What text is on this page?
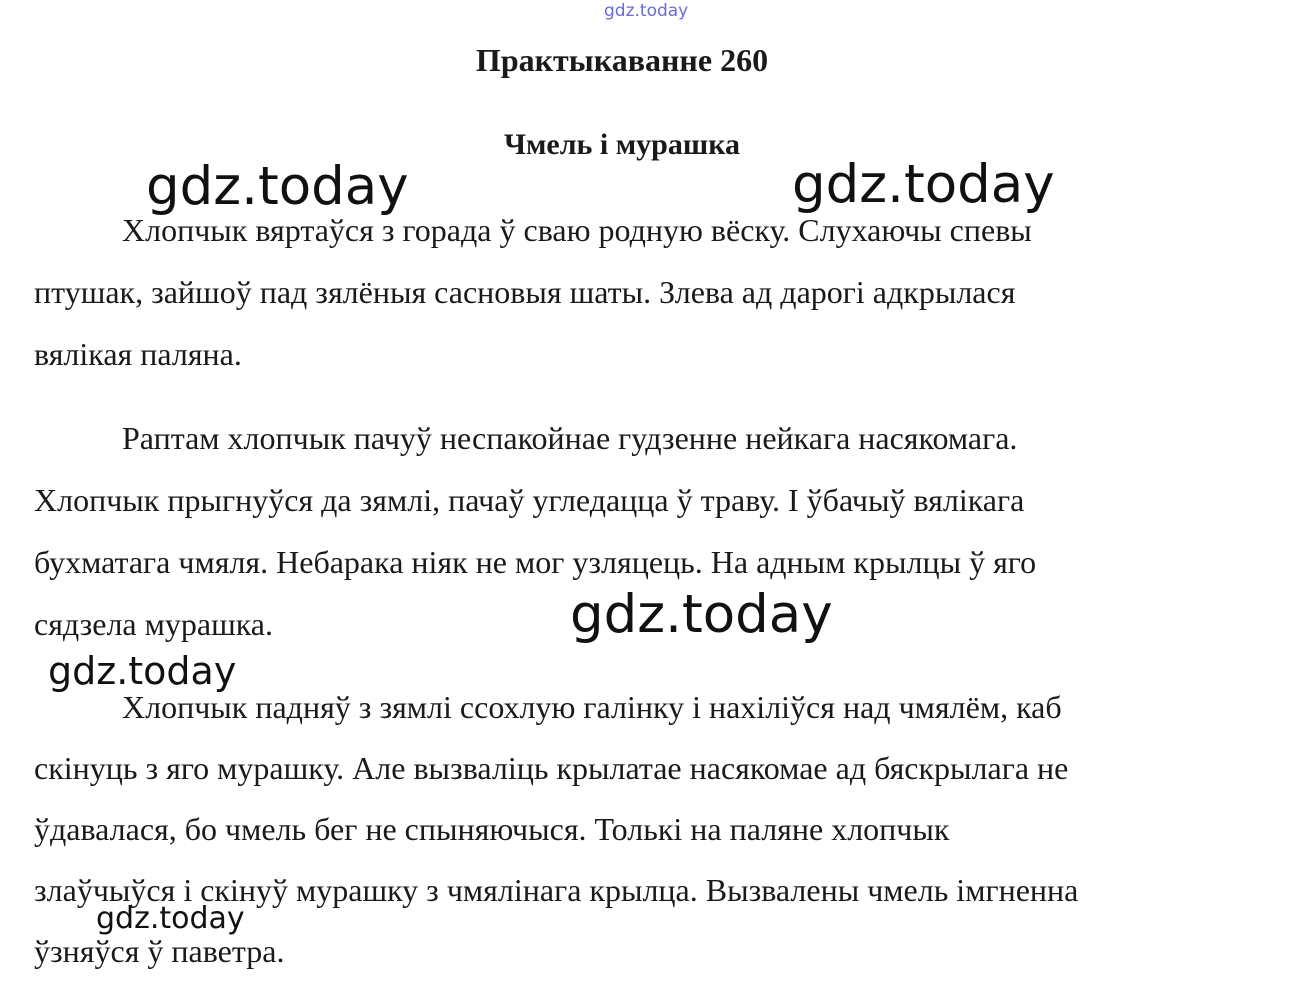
gdz.today
Практыкаванне 260
Чмель і мурашка
Хлопчык вяртаўся з горада ў сваю родную вёску. Слухаючы спевы
птушак, зайшоў пад зялёныя сасновыя шаты. Злева ад дарогі адкрылася
вялікая паляна.
Раптам хлопчык пачуў неспакойнае гудзенне нейкага насякомага.
Хлопчык прыгнуўся да зямлі, пачаў угледацца ў траву. І ўбачыў вялікага
бухматага чмяля. Небарака ніяк не мог узляцець. На адным крылцы ў яго
сядзела мурашка.
Хлопчык падняў з зямлі ссохлую галінку і нахіліўся над чмялём, каб
скінуць з яго мурашку. Але вызваліць крылатае насякомае ад бяскрылага не
ўдавалася, бо чмель бег не спыняючыся. Толькі на паляне хлопчык
злаўчыўся і скінуў мурашку з чмялінага крылца. Вызвалены чмель імгненна
ўзняўся ў паветра.
gdz.today	gdz.today
gdz.today
gdz.today
gdz.today
